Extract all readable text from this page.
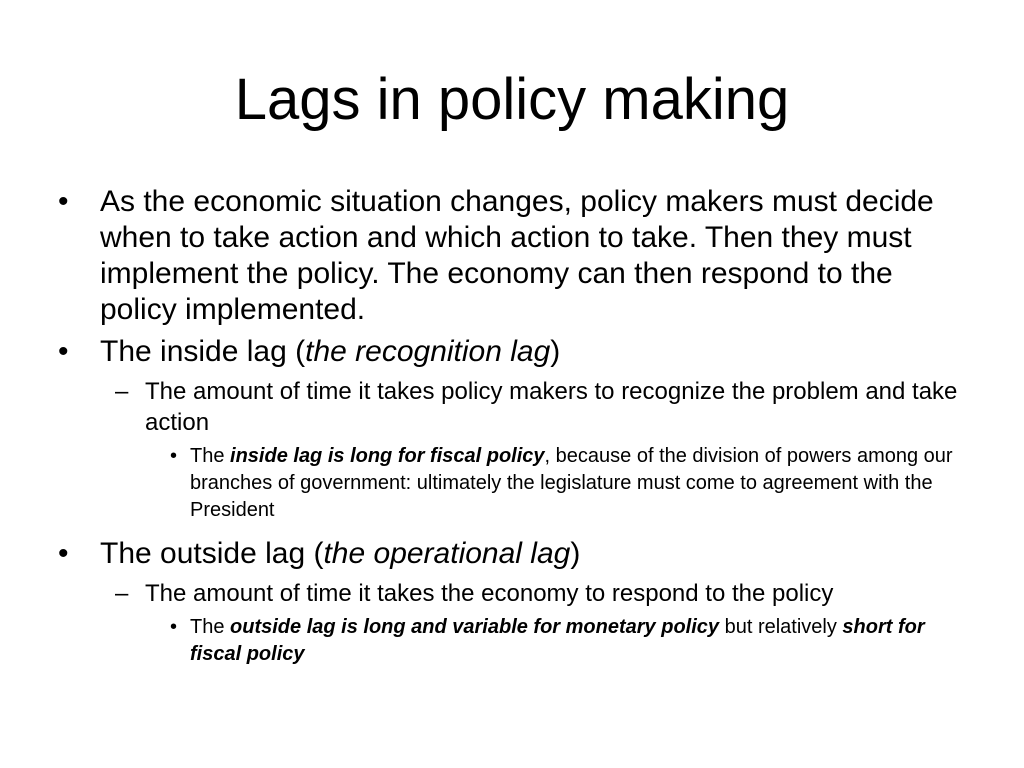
Lags in policy making
• As the economic situation changes, policy makers must decide when to take action and which action to take. Then they must implement the policy. The economy can then respond to the policy implemented.
• The inside lag (the recognition lag)
– The amount of time it takes policy makers to recognize the problem and take action
• The inside lag is long for fiscal policy, because of the division of powers among our branches of government: ultimately the legislature must come to agreement with the President
• The outside lag (the operational lag)
– The amount of time it takes the economy to respond to the policy
• The outside lag is long and variable for monetary policy but relatively short for fiscal policy
